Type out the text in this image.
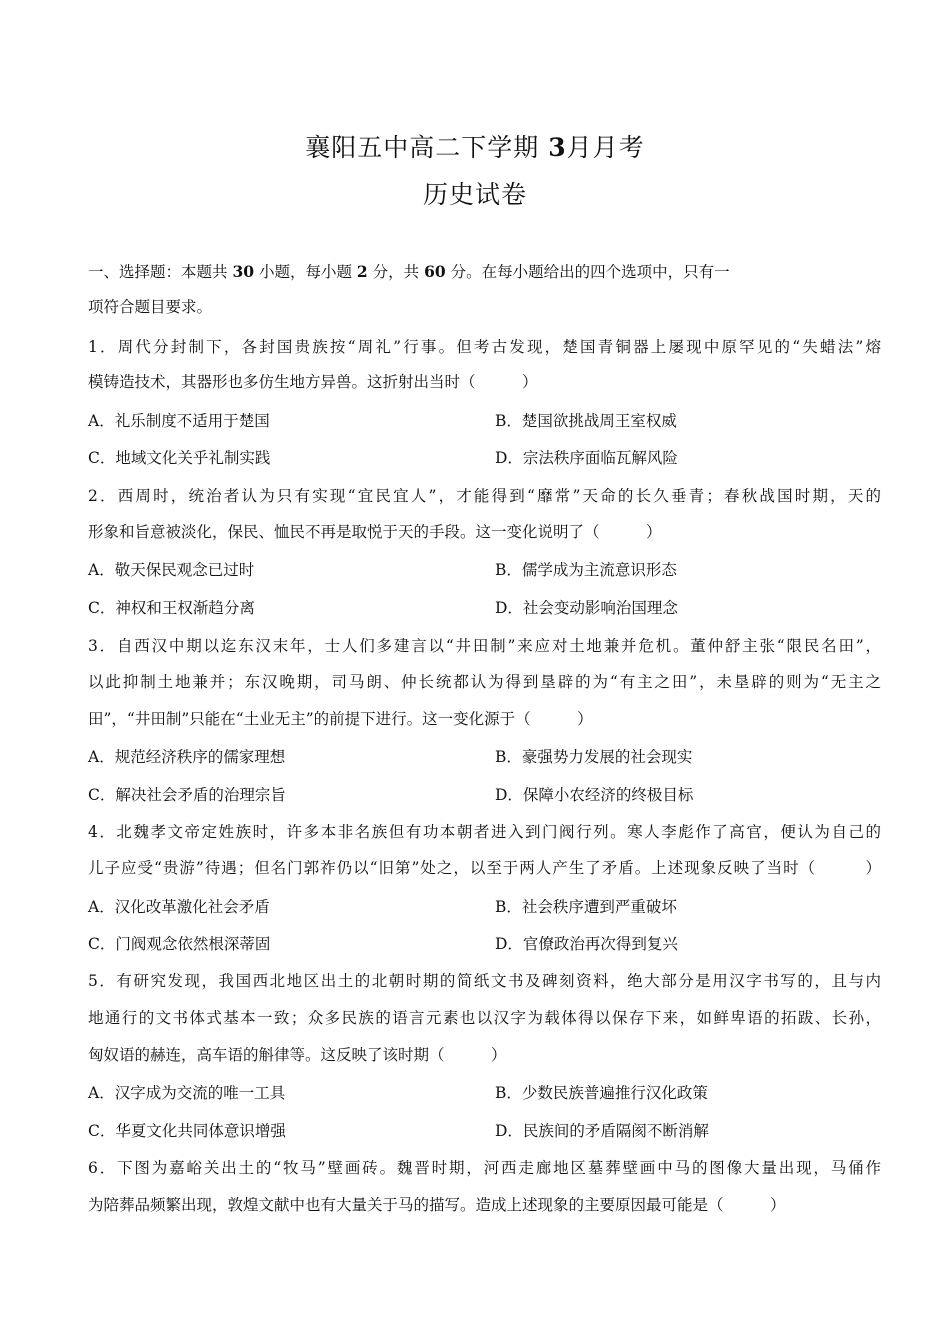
襄阳五中高二下学期 3月月考
历史试卷
一、选择题：本题共 30 小题，每小题 2 分，共 60 分。在每小题给出的四个选项中，只有一
项符合题目要求。
1．周代分封制下，各封国贵族按“周礼”行事。但考古发现，楚国青铜器上屡现中原罕见的“失蜡法”熔
模铸造技术，其器形也多仿生地方异兽。这折射出当时（　　　）
A．礼乐制度不适用于楚国	B．楚国欲挑战周王室权威
C．地域文化关乎礼制实践	D．宗法秩序面临瓦解风险
2．西周时，统治者认为只有实现“宜民宜人”，才能得到“靡常”天命的长久垂青；春秋战国时期，天的
形象和旨意被淡化，保民、恤民不再是取悦于天的手段。这一变化说明了（　　　）
A．敬天保民观念已过时	B．儒学成为主流意识形态
C．神权和王权渐趋分离	D．社会变动影响治国理念
3．自西汉中期以迄东汉末年，士人们多建言以“井田制”来应对土地兼并危机。董仲舒主张“限民名田”，
以此抑制土地兼并；东汉晚期，司马朗、仲长统都认为得到垦辟的为“有主之田”，未垦辟的则为“无主之
田”，“井田制”只能在“土业无主”的前提下进行。这一变化源于（　　　）
A．规范经济秩序的儒家理想	B．豪强势力发展的社会现实
C．解决社会矛盾的治理宗旨	D．保障小农经济的终极目标
4．北魏孝文帝定姓族时，许多本非名族但有功本朝者进入到门阀行列。寒人李彪作了高官，便认为自己的
儿子应受“贵游”待遇；但名门郭祚仍以“旧第”处之，以至于两人产生了矛盾。上述现象反映了当时（　　　）
A．汉化改革激化社会矛盾	B．社会秩序遭到严重破坏
C．门阀观念依然根深蒂固	D．官僚政治再次得到复兴
5．有研究发现，我国西北地区出土的北朝时期的简纸文书及碑刻资料，绝大部分是用汉字书写的，且与内
地通行的文书体式基本一致；众多民族的语言元素也以汉字为载体得以保存下来，如鲜卑语的拓跋、长孙，
匈奴语的赫连，高车语的斛律等。这反映了该时期（　　　）
A．汉字成为交流的唯一工具	B．少数民族普遍推行汉化政策
C．华夏文化共同体意识增强	D．民族间的矛盾隔阂不断消解
6．下图为嘉峪关出土的“牧马”壁画砖。魏晋时期，河西走廊地区墓葬壁画中马的图像大量出现，马俑作
为陪葬品频繁出现，敦煌文献中也有大量关于马的描写。造成上述现象的主要原因最可能是（　　　）
